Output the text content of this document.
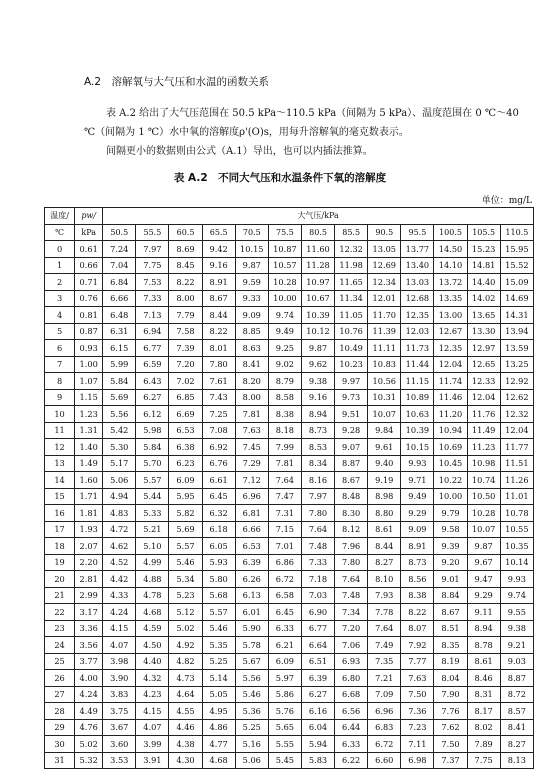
A.2　溶解氧与大气压和水温的函数关系
表 A.2 给出了大气压范围在 50.5 kPa～110.5 kPa（间隔为 5 kPa）、温度范围在 0 ℃～40 ℃（间隔为 1 ℃）水中氧的溶解度ρ'(O)s，用每升溶解氧的毫克数表示。
间隔更小的数据则由公式（A.1）导出，也可以内插法推算。
表 A.2　不同大气压和水温条件下氧的溶解度
单位：mg/L
温度/	pw/	大气压/kPa												
℃	kPa	50.5	55.5	60.5	65.5	70.5	75.5	80.5	85.5	90.5	95.5	100.5	105.5	110.5
0	0.61	7.24	7.97	8.69	9.42	10.15	10.87	11.60	12.32	13.05	13.77	14.50	15.23	15.95
1	0.66	7.04	7.75	8.45	9.16	9.87	10.57	11.28	11.98	12.69	13.40	14.10	14.81	15.52
2	0.71	6.84	7.53	8.22	8.91	9.59	10.28	10.97	11.65	12.34	13.03	13.72	14.40	15.09
3	0.76	6.66	7.33	8.00	8.67	9.33	10.00	10.67	11.34	12.01	12.68	13.35	14.02	14.69
4	0.81	6.48	7.13	7.79	8.44	9.09	9.74	10.39	11.05	11.70	12.35	13.00	13.65	14.31
5	0.87	6.31	6.94	7.58	8.22	8.85	9.49	10.12	10.76	11.39	12.03	12.67	13.30	13.94
6	0.93	6.15	6.77	7.39	8.01	8.63	9.25	9.87	10.49	11.11	11.73	12.35	12.97	13.59
7	1.00	5.99	6.59	7.20	7.80	8.41	9.02	9.62	10.23	10.83	11.44	12.04	12.65	13.25
8	1.07	5.84	6.43	7.02	7.61	8.20	8.79	9.38	9.97	10.56	11.15	11.74	12.33	12.92
9	1.15	5.69	6.27	6.85	7.43	8.00	8.58	9.16	9.73	10.31	10.89	11.46	12.04	12.62
10	1.23	5.56	6.12	6.69	7.25	7.81	8.38	8.94	9.51	10.07	10.63	11.20	11.76	12.32
11	1.31	5.42	5.98	6.53	7.08	7.63	8.18	8.73	9.28	9.84	10.39	10.94	11.49	12.04
12	1.40	5.30	5.84	6.38	6.92	7.45	7.99	8.53	9.07	9.61	10.15	10.69	11.23	11.77
13	1.49	5.17	5.70	6.23	6.76	7.29	7.81	8.34	8.87	9.40	9.93	10.45	10.98	11.51
14	1.60	5.06	5.57	6.09	6.61	7.12	7.64	8.16	8.67	9.19	9.71	10.22	10.74	11.26
15	1.71	4.94	5.44	5.95	6.45	6.96	7.47	7.97	8.48	8.98	9.49	10.00	10.50	11.01
16	1.81	4.83	5.33	5.82	6.32	6.81	7.31	7.80	8.30	8.80	9.29	9.79	10.28	10.78
17	1.93	4.72	5.21	5.69	6.18	6.66	7.15	7.64	8.12	8.61	9.09	9.58	10.07	10.55
18	2.07	4.62	5.10	5.57	6.05	6.53	7.01	7.48	7.96	8.44	8.91	9.39	9.87	10.35
19	2.20	4.52	4.99	5.46	5.93	6.39	6.86	7.33	7.80	8.27	8.73	9.20	9.67	10.14
20	2.81	4.42	4.88	5.34	5.80	6.26	6.72	7.18	7.64	8.10	8.56	9.01	9.47	9.93
21	2.99	4.33	4.78	5.23	5.68	6.13	6.58	7.03	7.48	7.93	8.38	8.84	9.29	9.74
22	3.17	4.24	4.68	5.12	5.57	6.01	6.45	6.90	7.34	7.78	8.22	8.67	9.11	9.55
23	3.36	4.15	4.59	5.02	5.46	5.90	6.33	6.77	7.20	7.64	8.07	8.51	8.94	9.38
24	3.56	4.07	4.50	4.92	5.35	5.78	6.21	6.64	7.06	7.49	7.92	8.35	8.78	9.21
25	3.77	3.98	4.40	4.82	5.25	5.67	6.09	6.51	6.93	7.35	7.77	8.19	8.61	9.03
26	4.00	3.90	4.32	4.73	5.14	5.56	5.97	6.39	6.80	7.21	7.63	8.04	8.46	8.87
27	4.24	3.83	4.23	4.64	5.05	5.46	5.86	6.27	6.68	7.09	7.50	7.90	8.31	8.72
28	4.49	3.75	4.15	4.55	4.95	5.36	5.76	6.16	6.56	6.96	7.36	7.76	8.17	8.57
29	4.76	3.67	4.07	4.46	4.86	5.25	5.65	6.04	6.44	6.83	7.23	7.62	8.02	8.41
30	5.02	3.60	3.99	4.38	4.77	5.16	5.55	5.94	6.33	6.72	7.11	7.50	7.89	8.27
31	5.32	3.53	3.91	4.30	4.68	5.06	5.45	5.83	6.22	6.60	6.98	7.37	7.75	8.13
